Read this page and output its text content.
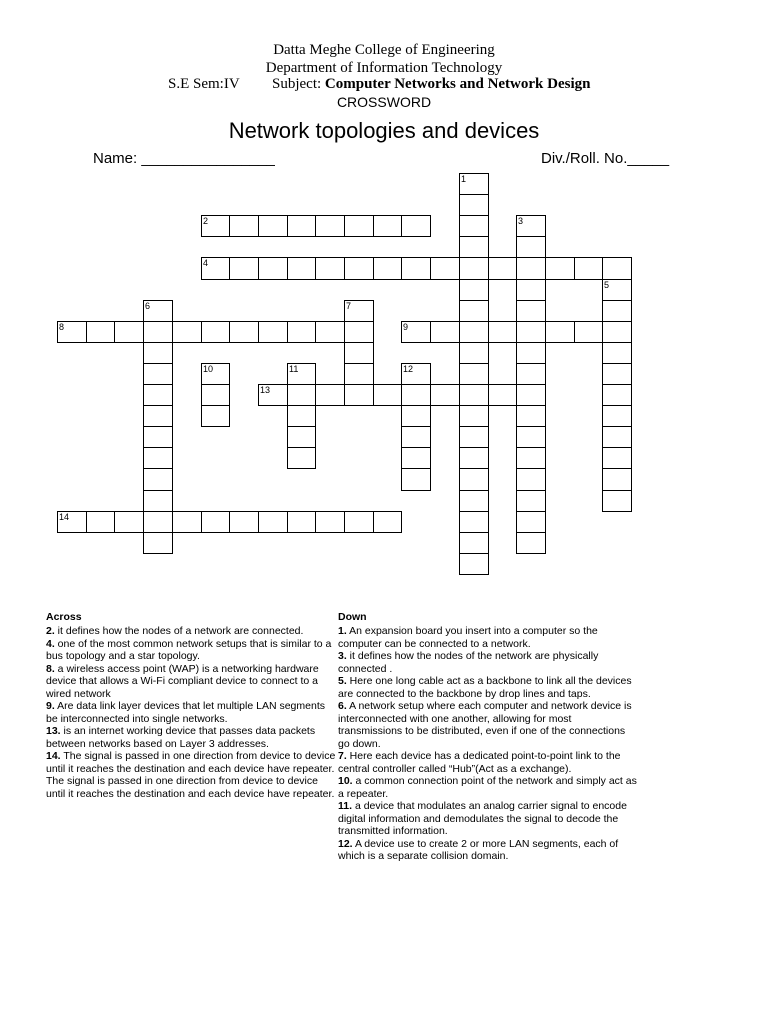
Datta Meghe College of Engineering
Department of Information Technology
S.E Sem:IV Subject: Computer Networks and Network Design
CROSSWORD
Network topologies and devices
Name: ________________	Div./Roll. No._____
1
2	3
4
5
6	7
8	9
10	11	12
13
14
Across
2. it defines how the nodes of a network are connected.
4. one of the most common network setups that is similar to a bus topology and a star topology.
8. a wireless access point (WAP) is a networking hardware device that allows a Wi-Fi compliant device to connect to a wired network
9. Are data link layer devices that let multiple LAN segments be interconnected into single networks.
13. is an internet working device that passes data packets between networks based on Layer 3 addresses.
14. The signal is passed in one direction from device to device until it reaches the destination and each device have repeater. The signal is passed in one direction from device to device until it reaches the destination and each device have repeater.
Down
1. An expansion board you insert into a computer so the computer can be connected to a network.
3. it defines how the nodes of the network are physically connected .
5. Here one long cable act as a backbone to link all the devices are connected to the backbone by drop lines and taps.
6. A network setup where each computer and network device is interconnected with one another, allowing for most transmissions to be distributed, even if one of the connections go down.
7. Here each device has a dedicated point-to-point link to the central controller called “Hub”(Act as a exchange).
10. a common connection point of the network and simply act as a repeater.
11. a device that modulates an analog carrier signal to encode digital information and demodulates the signal to decode the transmitted information.
12. A device use to create 2 or more LAN segments, each of which is a separate collision domain.
